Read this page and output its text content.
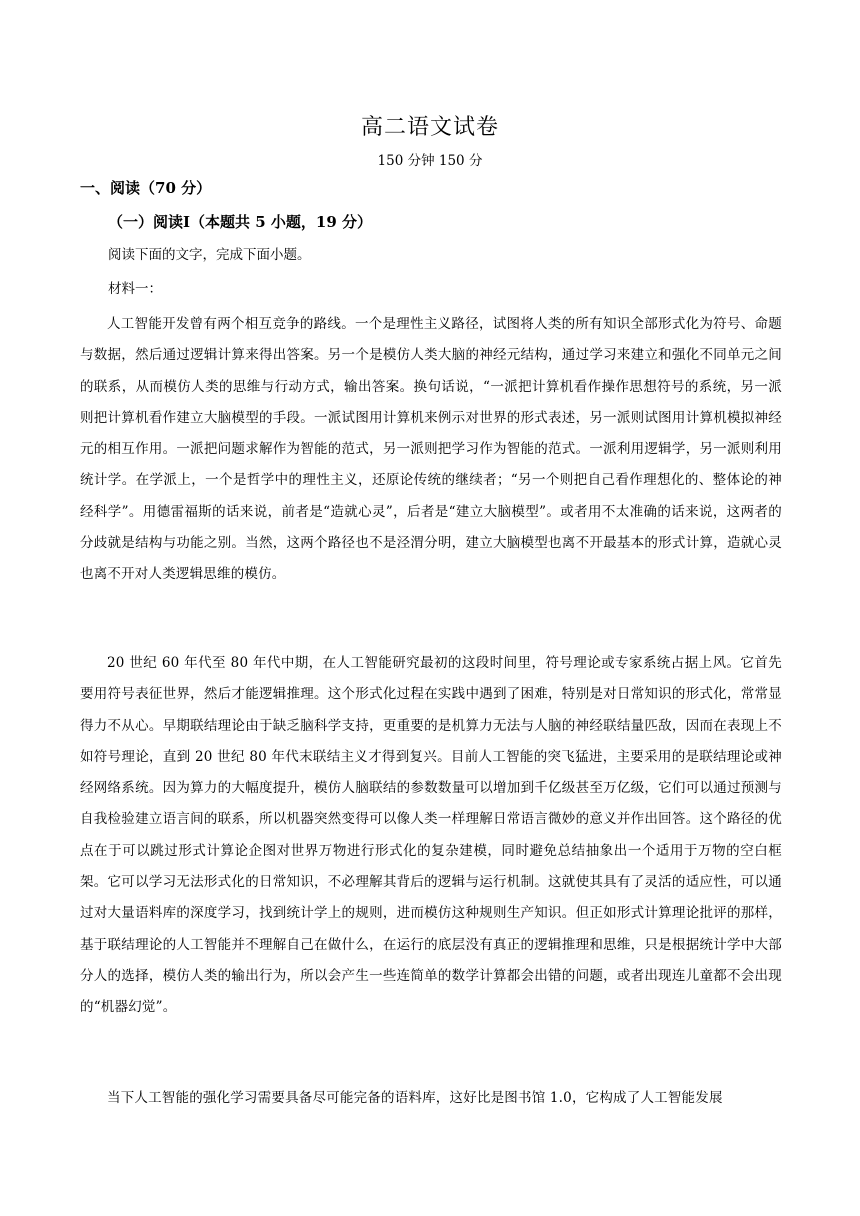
高二语文试卷
150 分钟 150 分
一、阅读（70 分）
（一）阅读Ⅰ（本题共 5 小题，19 分）
阅读下面的文字，完成下面小题。
材料一：

人工智能开发曾有两个相互竞争的路线。一个是理性主义路径，试图将人类的所有知识全部形式化为符号、命题与数据，然后通过逻辑计算来得出答案。另一个是模仿人类大脑的神经元结构，通过学习来建立和强化不同单元之间的联系，从而模仿人类的思维与行动方式，输出答案。换句话说，“一派把计算机看作操作思想符号的系统，另一派则把计算机看作建立大脑模型的手段。一派试图用计算机来例示对世界的形式表述，另一派则试图用计算机模拟神经元的相互作用。一派把问题求解作为智能的范式，另一派则把学习作为智能的范式。一派利用逻辑学，另一派则利用统计学。在学派上，一个是哲学中的理性主义，还原论传统的继续者；“另一个则把自己看作理想化的、整体论的神经科学”。用德雷福斯的话来说，前者是“造就心灵”，后者是“建立大脑模型”。或者用不太准确的话来说，这两者的分歧就是结构与功能之别。当然，这两个路径也不是泾渭分明，建立大脑模型也离不开最基本的形式计算，造就心灵也离不开对人类逻辑思维的模仿。

20 世纪 60 年代至 80 年代中期，在人工智能研究最初的这段时间里，符号理论或专家系统占据上风。它首先要用符号表征世界，然后才能逻辑推理。这个形式化过程在实践中遇到了困难，特别是对日常知识的形式化，常常显得力不从心。早期联结理论由于缺乏脑科学支持，更重要的是机算力无法与人脑的神经联结量匹敌，因而在表现上不如符号理论，直到 20 世纪 80 年代末联结主义才得到复兴。目前人工智能的突飞猛进，主要采用的是联结理论或神经网络系统。因为算力的大幅度提升，模仿人脑联结的参数数量可以增加到千亿级甚至万亿级，它们可以通过预测与自我检验建立语言间的联系，所以机器突然变得可以像人类一样理解日常语言微妙的意义并作出回答。这个路径的优点在于可以跳过形式计算论企图对世界万物进行形式化的复杂建模，同时避免总结抽象出一个适用于万物的空白框架。它可以学习无法形式化的日常知识，不必理解其背后的逻辑与运行机制。这就使其具有了灵活的适应性，可以通过对大量语料库的深度学习，找到统计学上的规则，进而模仿这种规则生产知识。但正如形式计算理论批评的那样，基于联结理论的人工智能并不理解自己在做什么，在运行的底层没有真正的逻辑推理和思维，只是根据统计学中大部分人的选择，模仿人类的输出行为，所以会产生一些连简单的数学计算都会出错的问题，或者出现连儿童都不会出现的“机器幻觉”。

当下人工智能的强化学习需要具备尽可能完备的语料库，这好比是图书馆 1.0，它构成了人工智能发展
